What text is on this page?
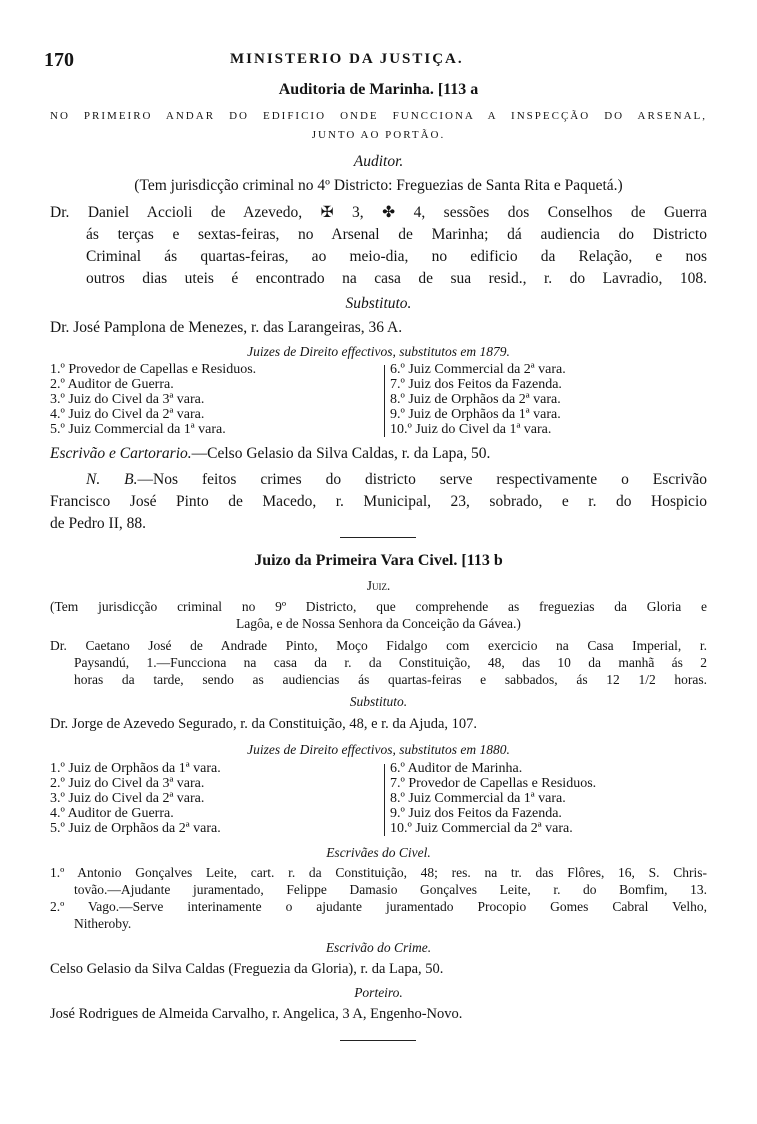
170	MINISTERIO DA JUSTIÇA.
Auditoria de Marinha. [113 a
NO PRIMEIRO ANDAR DO EDIFICIO ONDE FUNCCIONA A INSPECÇÃO DO ARSENAL,
JUNTO AO PORTÃO.
Auditor.
(Tem jurisdicção criminal no 4º Districto: Freguezias de Santa Rita e Paquetá.)
Dr. Daniel Accioli de Azevedo, ✠ 3, ✤ 4, sessões dos Conselhos de Guerra
ás terças e sextas-feiras, no Arsenal de Marinha; dá audiencia do Districto
Criminal ás quartas-feiras, ao meio-dia, no edificio da Relação, e nos
outros dias uteis é encontrado na casa de sua resid., r. do Lavradio, 108.
Substituto.
Dr. José Pamplona de Menezes, r. das Larangeiras, 36 A.
Juizes de Direito effectivos, substitutos em 1879.
1.º Provedor de Capellas e Residuos.
2.º Auditor de Guerra.
3.º Juiz do Civel da 3ª vara.
4.º Juiz do Civel da 2ª vara.
5.º Juiz Commercial da 1ª vara.
6.º Juiz Commercial da 2ª vara.
7.º Juiz dos Feitos da Fazenda.
8.º Juiz de Orphãos da 2ª vara.
9.º Juiz de Orphãos da 1ª vara.
10.º Juiz do Civel da 1ª vara.
Escrivão e Cartorario.—Celso Gelasio da Silva Caldas, r. da Lapa, 50.
N. B.—Nos feitos crimes do districto serve respectivamente o Escrivão
Francisco José Pinto de Macedo, r. Municipal, 23, sobrado, e r. do Hospicio
de Pedro II, 88.
Juizo da Primeira Vara Civel. [113 b
Juiz.
(Tem jurisdicção criminal no 9º Districto, que comprehende as freguezias da Gloria e
Lagôa, e de Nossa Senhora da Conceição da Gávea.)
Dr. Caetano José de Andrade Pinto, Moço Fidalgo com exercicio na Casa Imperial, r.
Paysandú, 1.—Funcciona na casa da r. da Constituição, 48, das 10 da manhã ás 2
horas da tarde, sendo as audiencias ás quartas-feiras e sabbados, ás 12 1/2 horas.
Substituto.
Dr. Jorge de Azevedo Segurado, r. da Constituição, 48, e r. da Ajuda, 107.
Juizes de Direito effectivos, substitutos em 1880.
1.º Juiz de Orphãos da 1ª vara.
2.º Juiz do Civel da 3ª vara.
3.º Juiz do Civel da 2ª vara.
4.º Auditor de Guerra.
5.º Juiz de Orphãos da 2ª vara.
6.º Auditor de Marinha.
7.º Provedor de Capellas e Residuos.
8.º Juiz Commercial da 1ª vara.
9.º Juiz dos Feitos da Fazenda.
10.º Juiz Commercial da 2ª vara.
Escrivães do Civel.
1.º Antonio Gonçalves Leite, cart. r. da Constituição, 48; res. na tr. das Flôres, 16, S. Chris-
tovão.—Ajudante juramentado, Felippe Damasio Gonçalves Leite, r. do Bomfim, 13.
2.º Vago.—Serve interinamente o ajudante juramentado Procopio Gomes Cabral Velho,
Nitheroby.
Escrivão do Crime.
Celso Gelasio da Silva Caldas (Freguezia da Gloria), r. da Lapa, 50.
Porteiro.
José Rodrigues de Almeida Carvalho, r. Angelica, 3 A, Engenho-Novo.
